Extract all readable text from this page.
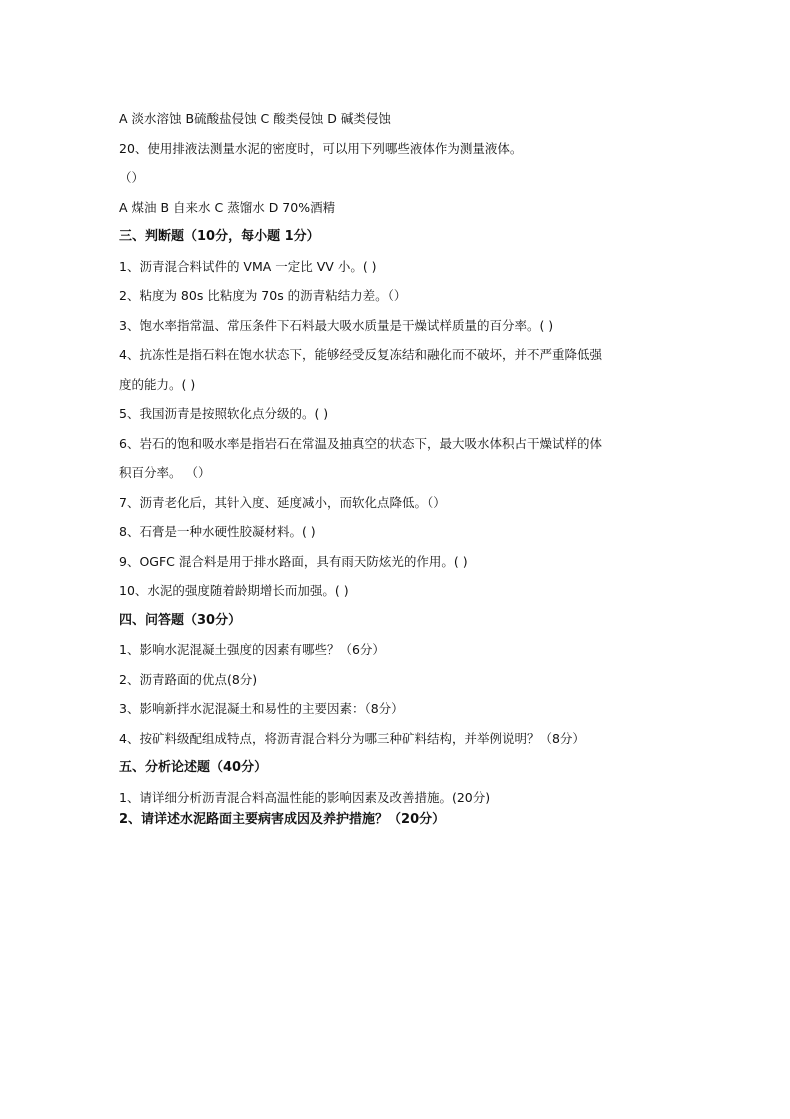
A 淡水溶蚀 B硫酸盐侵蚀 C 酸类侵蚀 D 碱类侵蚀
20、使用排液法测量水泥的密度时，可以用下列哪些液体作为测量液体。
（）
A 煤油 B 自来水 C 蒸馏水 D 70%酒精
三、判断题（10分，每小题 1分）
1、沥青混合料试件的 VMA 一定比 VV 小。( )
2、粘度为 80s 比粘度为 70s 的沥青粘结力差。（）
3、饱水率指常温、常压条件下石料最大吸水质量是干燥试样质量的百分率。( )
4、抗冻性是指石料在饱水状态下，能够经受反复冻结和融化而不破坏，并不严重降低强
度的能力。( )
5、我国沥青是按照软化点分级的。( )
6、岩石的饱和吸水率是指岩石在常温及抽真空的状态下，最大吸水体积占干燥试样的体
积百分率。 （）
7、沥青老化后，其针入度、延度减小，而软化点降低。（）
8、石膏是一种水硬性胶凝材料。( )
9、OGFC 混合料是用于排水路面，具有雨天防炫光的作用。( )
10、水泥的强度随着龄期增长而加强。( )
四、问答题（30分）
1、影响水泥混凝土强度的因素有哪些？（6分）
2、沥青路面的优点(8分)
3、影响新拌水泥混凝土和易性的主要因素：（8分）
4、按矿料级配组成特点，将沥青混合料分为哪三种矿料结构，并举例说明？（8分）
五、分析论述题（40分）
1、请详细分析沥青混合料高温性能的影响因素及改善措施。(20分)
2、请详述水泥路面主要病害成因及养护措施？（20分）
